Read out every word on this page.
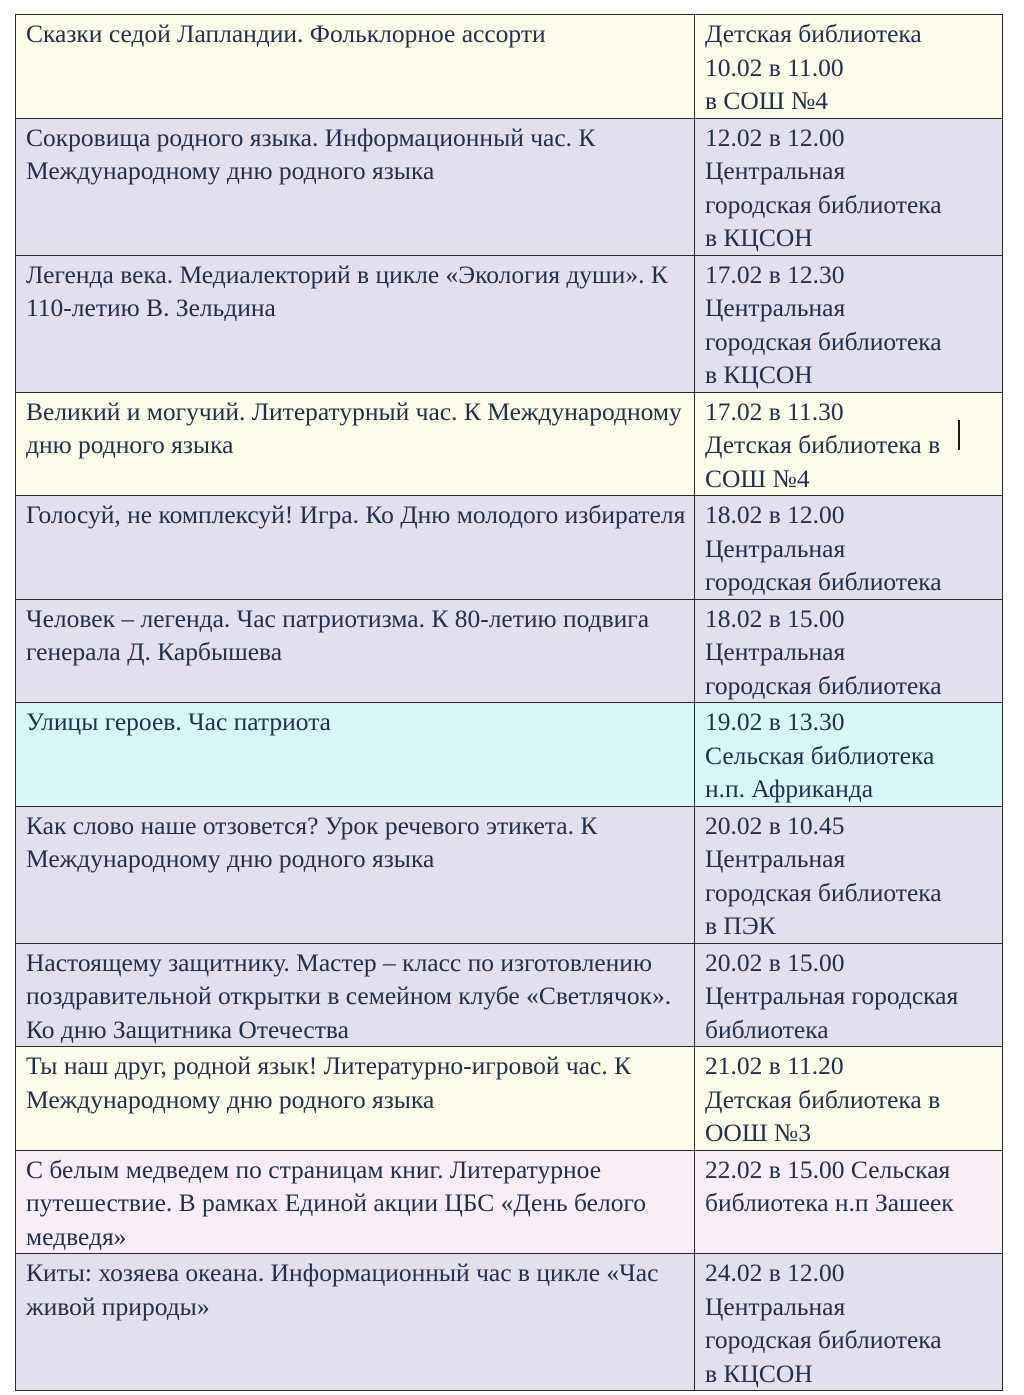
Сказки седой Лапландии. Фольклорное ассорти	Детская библиотека
10.02 в 11.00
в СОШ №4
Сокровища родного языка. Информационный час. К Международному дню родного языка	12.02 в 12.00
Центральная
городская библиотека
в КЦСОН
Легенда века. Медиалекторий в цикле «Экология души». К 110-летию В. Зельдина	17.02 в 12.30
Центральная
городская библиотека
в КЦСОН
Великий и могучий. Литературный час. К Международному дню родного языка	17.02 в 11.30
Детская библиотека в
СОШ №4
Голосуй, не комплексуй! Игра. Ко Дню молодого избирателя	18.02 в 12.00
Центральная
городская библиотека
Человек – легенда. Час патриотизма. К 80-летию подвига генерала Д. Карбышева	18.02 в 15.00
Центральная
городская библиотека
Улицы героев. Час патриота	19.02 в 13.30
Сельская библиотека
н.п. Африканда
Как слово наше отзовется? Урок речевого этикета. К Международному дню родного языка	20.02 в 10.45
Центральная
городская библиотека
в ПЭК
Настоящему защитнику. Мастер – класс по изготовлению поздравительной открытки в семейном клубе «Светлячок». Ко дню Защитника Отечества	20.02 в 15.00
Центральная городская
библиотека
Ты наш друг, родной язык! Литературно-игровой час. К Международному дню родного языка	21.02 в 11.20
Детская библиотека в
ООШ №3
С белым медведем по страницам книг. Литературное путешествие. В рамках Единой акции ЦБС «День белого медведя»	22.02 в 15.00 Сельская
библиотека н.п Зашеек
Киты: хозяева океана. Информационный час в цикле «Час живой природы»	24.02 в 12.00
Центральная
городская библиотека
в КЦСОН
